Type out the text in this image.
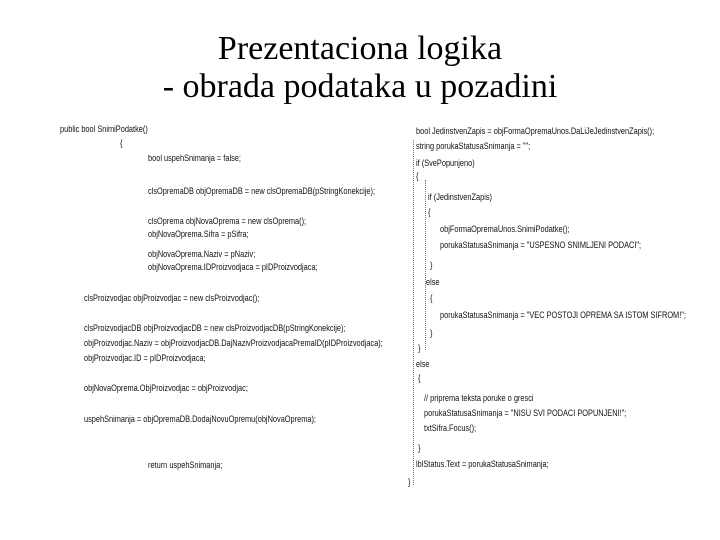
Prezentaciona logika
- obrada podataka u pozadini
public bool SnimiPodatke()
{
bool uspehSnimanja = false;
clsOpremaDB objOpremaDB = new clsOpremaDB(pStringKonekcije);
clsOprema objNovaOprema = new clsOprema();
objNovaOprema.Sifra = pSifra;
objNovaOprema.Naziv = pNaziv;
objNovaOprema.IDProizvodjaca = pIDProizvodjaca;
clsProizvodjac objProizvodjac = new clsProizvodjac();
clsProizvodjacDB objProizvodjacDB = new clsProizvodjacDB(pStringKonekcije);
objProizvodjac.Naziv = objProizvodjacDB.DajNazivProizvodjacaPremaID(pIDProizvodjaca);
objProizvodjac.ID = pIDProizvodjaca;
objNovaOprema.ObjProizvodjac = objProizvodjac;
uspehSnimanja = objOpremaDB.DodajNovuOpremu(objNovaOprema);
return uspehSnimanja;
bool JedinstvenZapis = objFormaOpremaUnos.DaLiJeJedinstvenZapis();
string porukaStatusaSnimanja = "";
if (SvePopunjeno)
{
if (JedinstvenZapis)
{
objFormaOpremaUnos.SnimiPodatke();
porukaStatusaSnimanja = "USPESNO SNIMLJENI PODACI";
}
else
{
porukaStatusaSnimanja = "VEC POSTOJI OPREMA SA ISTOM SIFROM!";
}
}
else
{
// priprema teksta poruke o gresci
porukaStatusaSnimanja = "NISU SVI PODACI POPUNJENI!";
txtSifra.Focus();
}
lblStatus.Text = porukaStatusaSnimanja;
}
